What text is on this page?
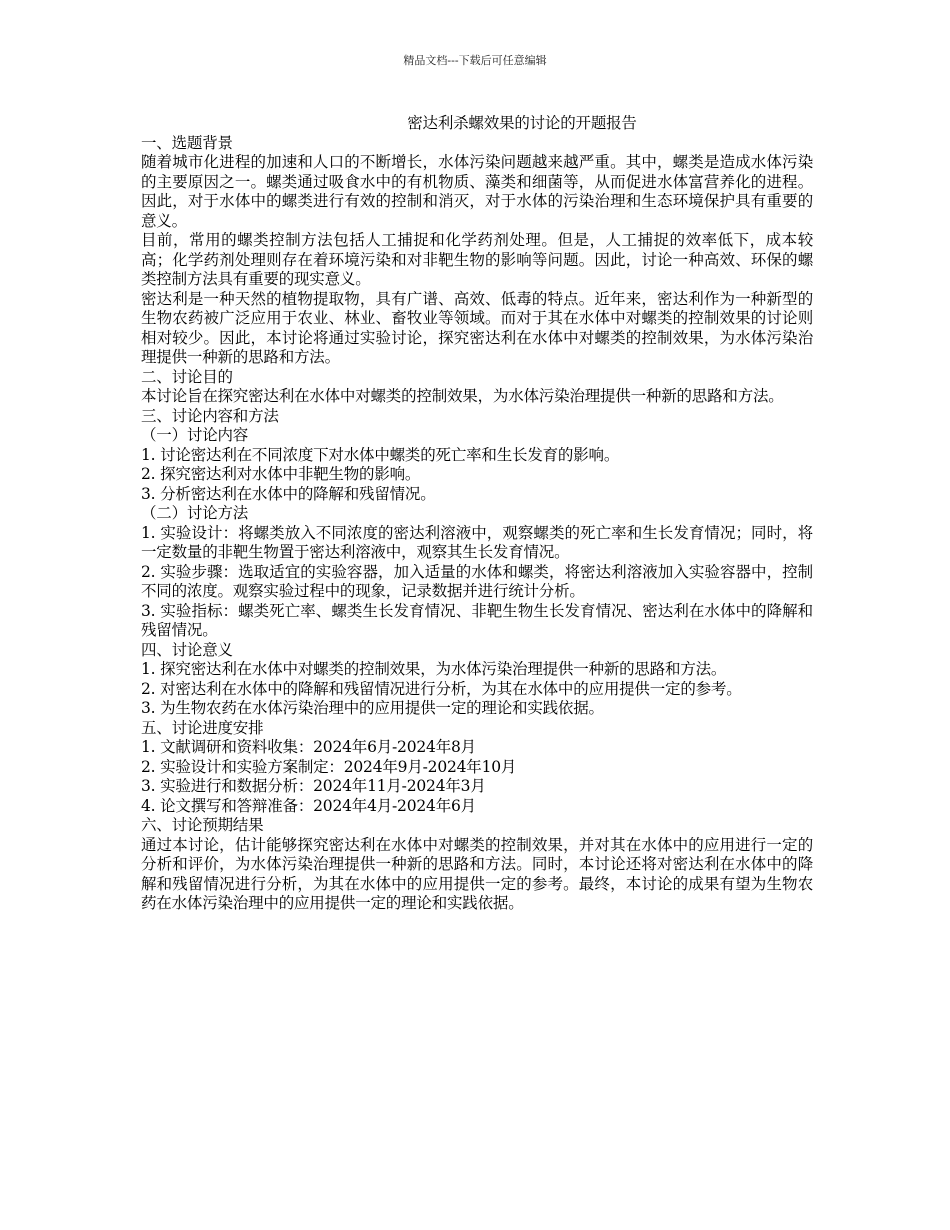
精品文档---下载后可任意编辑

密达利杀螺效果的讨论的开题报告

一、选题背景

随着城市化进程的加速和人口的不断增长，水体污染问题越来越严重。其中，螺类是造成水体污染的主要原因之一。螺类通过吸食水中的有机物质、藻类和细菌等，从而促进水体富营养化的进程。因此，对于水体中的螺类进行有效的控制和消灭，对于水体的污染治理和生态环境保护具有重要的意义。

目前，常用的螺类控制方法包括人工捕捉和化学药剂处理。但是，人工捕捉的效率低下，成本较高；化学药剂处理则存在着环境污染和对非靶生物的影响等问题。因此，讨论一种高效、环保的螺类控制方法具有重要的现实意义。

密达利是一种天然的植物提取物，具有广谱、高效、低毒的特点。近年来，密达利作为一种新型的生物农药被广泛应用于农业、林业、畜牧业等领域。而对于其在水体中对螺类的控制效果的讨论则相对较少。因此，本讨论将通过实验讨论，探究密达利在水体中对螺类的控制效果，为水体污染治理提供一种新的思路和方法。

二、讨论目的

本讨论旨在探究密达利在水体中对螺类的控制效果，为水体污染治理提供一种新的思路和方法。

三、讨论内容和方法

（一）讨论内容

1. 讨论密达利在不同浓度下对水体中螺类的死亡率和生长发育的影响。

2. 探究密达利对水体中非靶生物的影响。

3. 分析密达利在水体中的降解和残留情况。

（二）讨论方法

1. 实验设计：将螺类放入不同浓度的密达利溶液中，观察螺类的死亡率和生长发育情况；同时，将一定数量的非靶生物置于密达利溶液中，观察其生长发育情况。

2. 实验步骤：选取适宜的实验容器，加入适量的水体和螺类，将密达利溶液加入实验容器中，控制不同的浓度。观察实验过程中的现象，记录数据并进行统计分析。

3. 实验指标：螺类死亡率、螺类生长发育情况、非靶生物生长发育情况、密达利在水体中的降解和残留情况。

四、讨论意义

1. 探究密达利在水体中对螺类的控制效果，为水体污染治理提供一种新的思路和方法。

2. 对密达利在水体中的降解和残留情况进行分析，为其在水体中的应用提供一定的参考。

3. 为生物农药在水体污染治理中的应用提供一定的理论和实践依据。

五、讨论进度安排

1. 文献调研和资料收集：2024年6月-2024年8月

2. 实验设计和实验方案制定：2024年9月-2024年10月

3. 实验进行和数据分析：2024年11月-2024年3月

4. 论文撰写和答辩准备：2024年4月-2024年6月

六、讨论预期结果

通过本讨论，估计能够探究密达利在水体中对螺类的控制效果，并对其在水体中的应用进行一定的分析和评价，为水体污染治理提供一种新的思路和方法。同时，本讨论还将对密达利在水体中的降解和残留情况进行分析，为其在水体中的应用提供一定的参考。最终，本讨论的成果有望为生物农药在水体污染治理中的应用提供一定的理论和实践依据。
